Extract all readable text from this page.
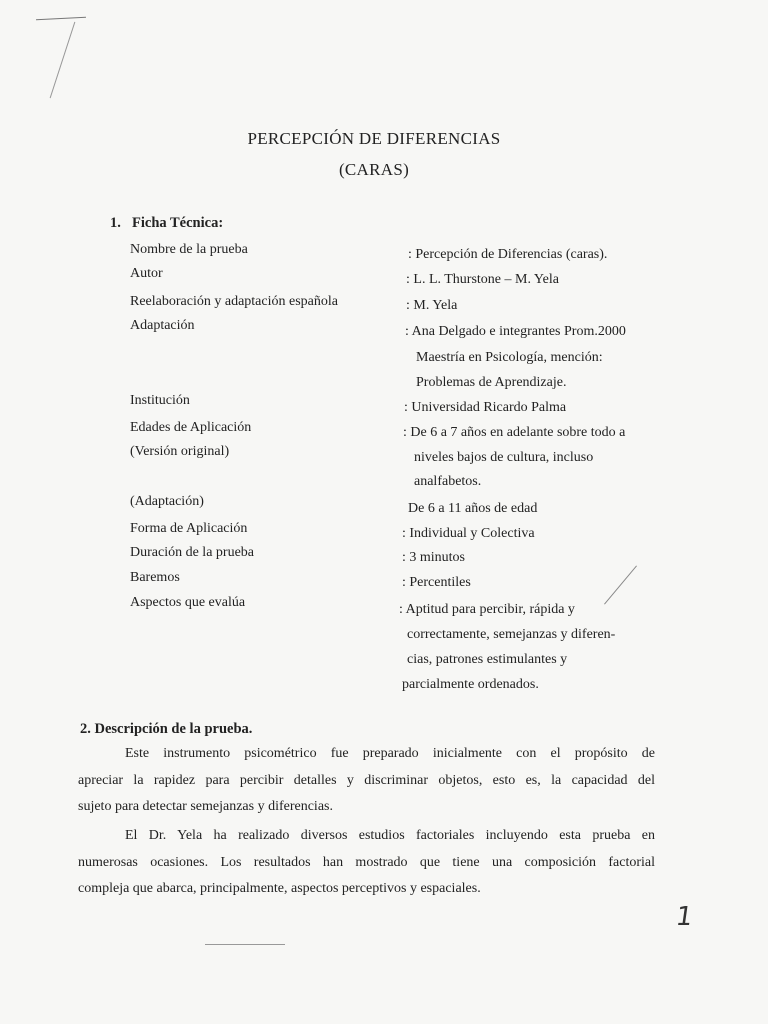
PERCEPCIÓN DE DIFERENCIAS
(CARAS)
1. Ficha Técnica:
Nombre de la prueba
Autor
Reelaboración y adaptación española
Adaptación
Institución
Edades de Aplicación
(Versión original)
(Adaptación)
Forma de Aplicación
Duración de la prueba
Baremos
Aspectos que evalúa
: Percepción de Diferencias (caras).
: L. L. Thurstone – M. Yela
: M. Yela
: Ana Delgado e integrantes Prom.2000
Maestría en Psicología, mención:
Problemas de Aprendizaje.
: Universidad Ricardo Palma
: De 6 a 7 años en adelante sobre todo a
niveles bajos de cultura, incluso
analfabetos.
De 6 a 11 años de edad
: Individual y Colectiva
: 3 minutos
: Percentiles
: Aptitud para percibir, rápida y
correctamente, semejanzas y diferen-
cias, patrones estimulantes y
parcialmente ordenados.
2. Descripción de la prueba.
Este instrumento psicométrico fue preparado inicialmente con el propósito de
apreciar la rapidez para percibir detalles y discriminar objetos, esto es, la capacidad del
sujeto para detectar semejanzas y diferencias.
El Dr. Yela ha realizado diversos estudios factoriales incluyendo esta prueba en
numerosas ocasiones. Los resultados han mostrado que tiene una composición factorial
compleja que abarca, principalmente, aspectos perceptivos y espaciales.
1
